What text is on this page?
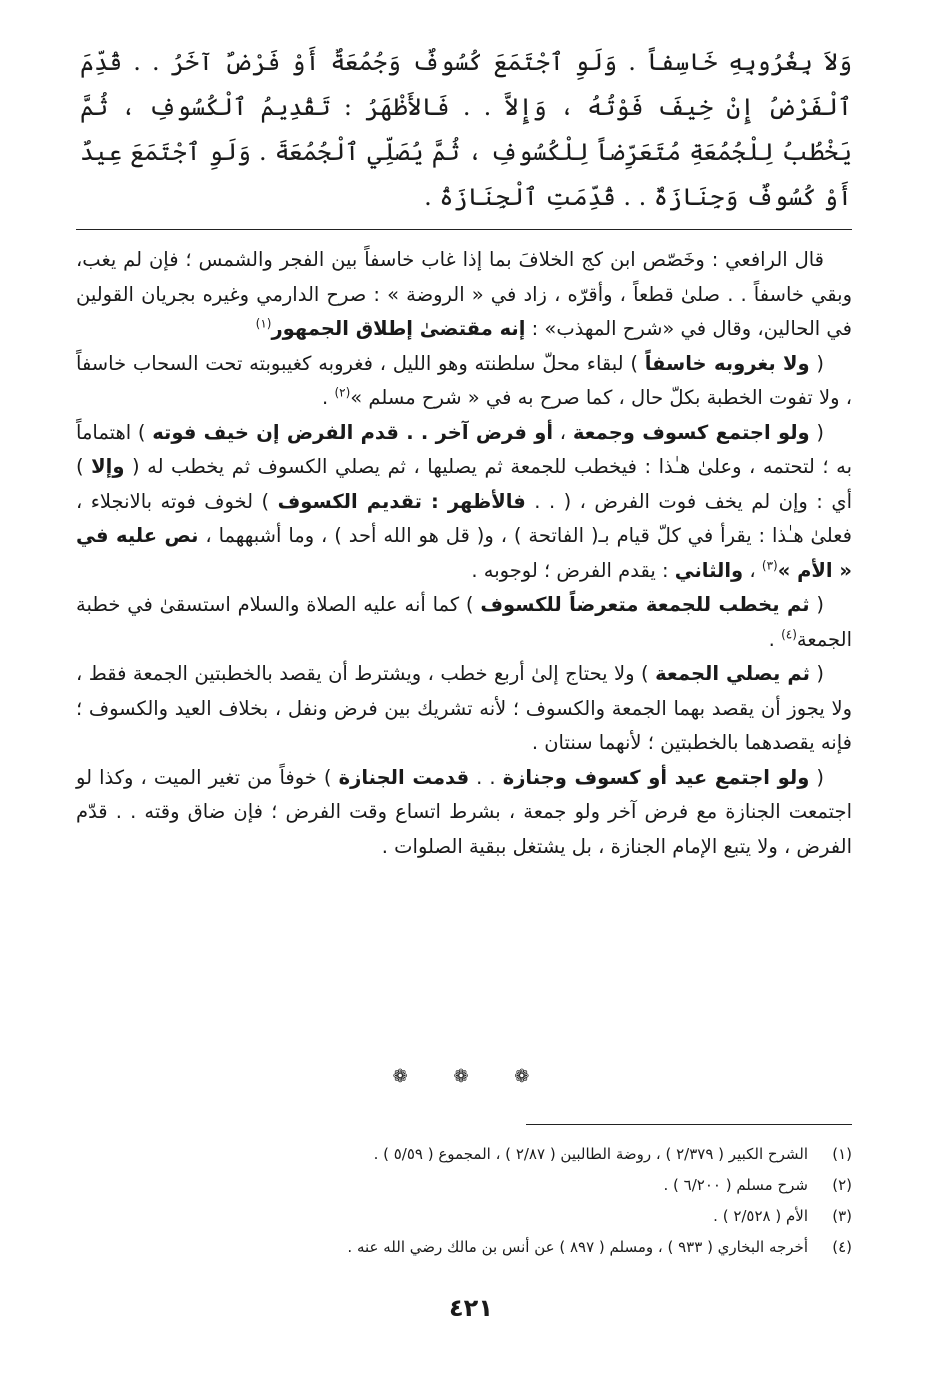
وَلاَ بِغُرُوبِهِ خَاسِفاً . وَلَوِ ٱجْتَمَعَ كُسُوفٌ وَجُمُعَةٌ أَوْ فَرْضٌ آخَرُ . . قُدِّمَ ٱلْفَرْضُ إِنْ خِيفَ فَوْتُهُ ، وَإِلاَّ . . فَالأَظْهَرُ : تَقْدِيمُ ٱلْكُسُوفِ ، ثُمَّ يَخْطُبُ لِلْجُمُعَةِ مُتَعَرِّضاً لِلْكُسُوفِ ، ثُمَّ يُصَلِّي ٱلْجُمُعَةَ . وَلَوِ ٱجْتَمَعَ عِيدٌ أَوْ كُسُوفٌ وَجِنَازَةٌ . . قُدِّمَتِ ٱلْجِنَازَةُ .

قال الرافعي : وخَصّص ابن كج الخلافَ بما إذا غاب خاسفاً بين الفجر والشمس ؛ فإن لم يغب، وبقي خاسفاً . . صلىٰ قطعاً ، وأقرّه ، زاد في « الروضة » : صرح الدارمي وغيره بجريان القولين في الحالين، وقال في «شرح المهذب» : إنه مقتضىٰ إطلاق الجمهور$^{(١)}$

( ولا بغروبه خاسفاً ) لبقاء محلّ سلطنته وهو الليل ، فغروبه كغيبوبته تحت السحاب خاسفاً ، ولا تفوت الخطبة بكلّ حال ، كما صرح به في « شرح مسلم »$^{(٢)}$ .

( ولو اجتمع كسوف وجمعة ، أو فرض آخر . . قدم الفرض إن خيف فوته ) اهتماماً به ؛ لتحتمه ، وعلىٰ هـٰذا : فيخطب للجمعة ثم يصليها ، ثم يصلي الكسوف ثم يخطب له ( وإلا ) أي : وإن لم يخف فوت الفرض ، ( . . فالأظهر : تقديم الكسوف ) لخوف فوته بالانجلاء ، فعلىٰ هـٰذا : يقرأ في كلّ قيام بـ( الفاتحة ) ، و( قل هو الله أحد ) ، وما أشبههما ، نص عليه في « الأم »$^{(٣)}$ ، والثاني : يقدم الفرض ؛ لوجوبه .

( ثم يخطب للجمعة متعرضاً للكسوف ) كما أنه عليه الصلاة والسلام استسقىٰ في خطبة الجمعة$^{(٤)}$ .

( ثم يصلي الجمعة ) ولا يحتاج إلىٰ أربع خطب ، ويشترط أن يقصد بالخطبتين الجمعة فقط ، ولا يجوز أن يقصد بهما الجمعة والكسوف ؛ لأنه تشريك بين فرض ونفل ، بخلاف العيد والكسوف ؛ فإنه يقصدهما بالخطبتين ؛ لأنهما سنتان .

( ولو اجتمع عيد أو كسوف وجنازة . . قدمت الجنازة ) خوفاً من تغير الميت ، وكذا لو اجتمعت الجنازة مع فرض آخر ولو جمعة ، بشرط اتساع وقت الفرض ؛ فإن ضاق وقته . . قدّم الفرض ، ولا يتبع الإمام الجنازة ، بل يشتغل ببقية الصلوات .

❁ ❁ ❁
(١)
الشرح الكبير ( ٢/٣٧٩ ) ، روضة الطالبين ( ٢/٨٧ ) ، المجموع ( ٥/٥٩ ) .
(٢)
شرح مسلم ( ٦/٢٠٠ ) .
(٣)
الأم ( ٢/٥٢٨ ) .
(٤)
أخرجه البخاري ( ٩٣٣ ) ، ومسلم ( ٨٩٧ ) عن أنس بن مالك رضي الله عنه .
٤٢١
